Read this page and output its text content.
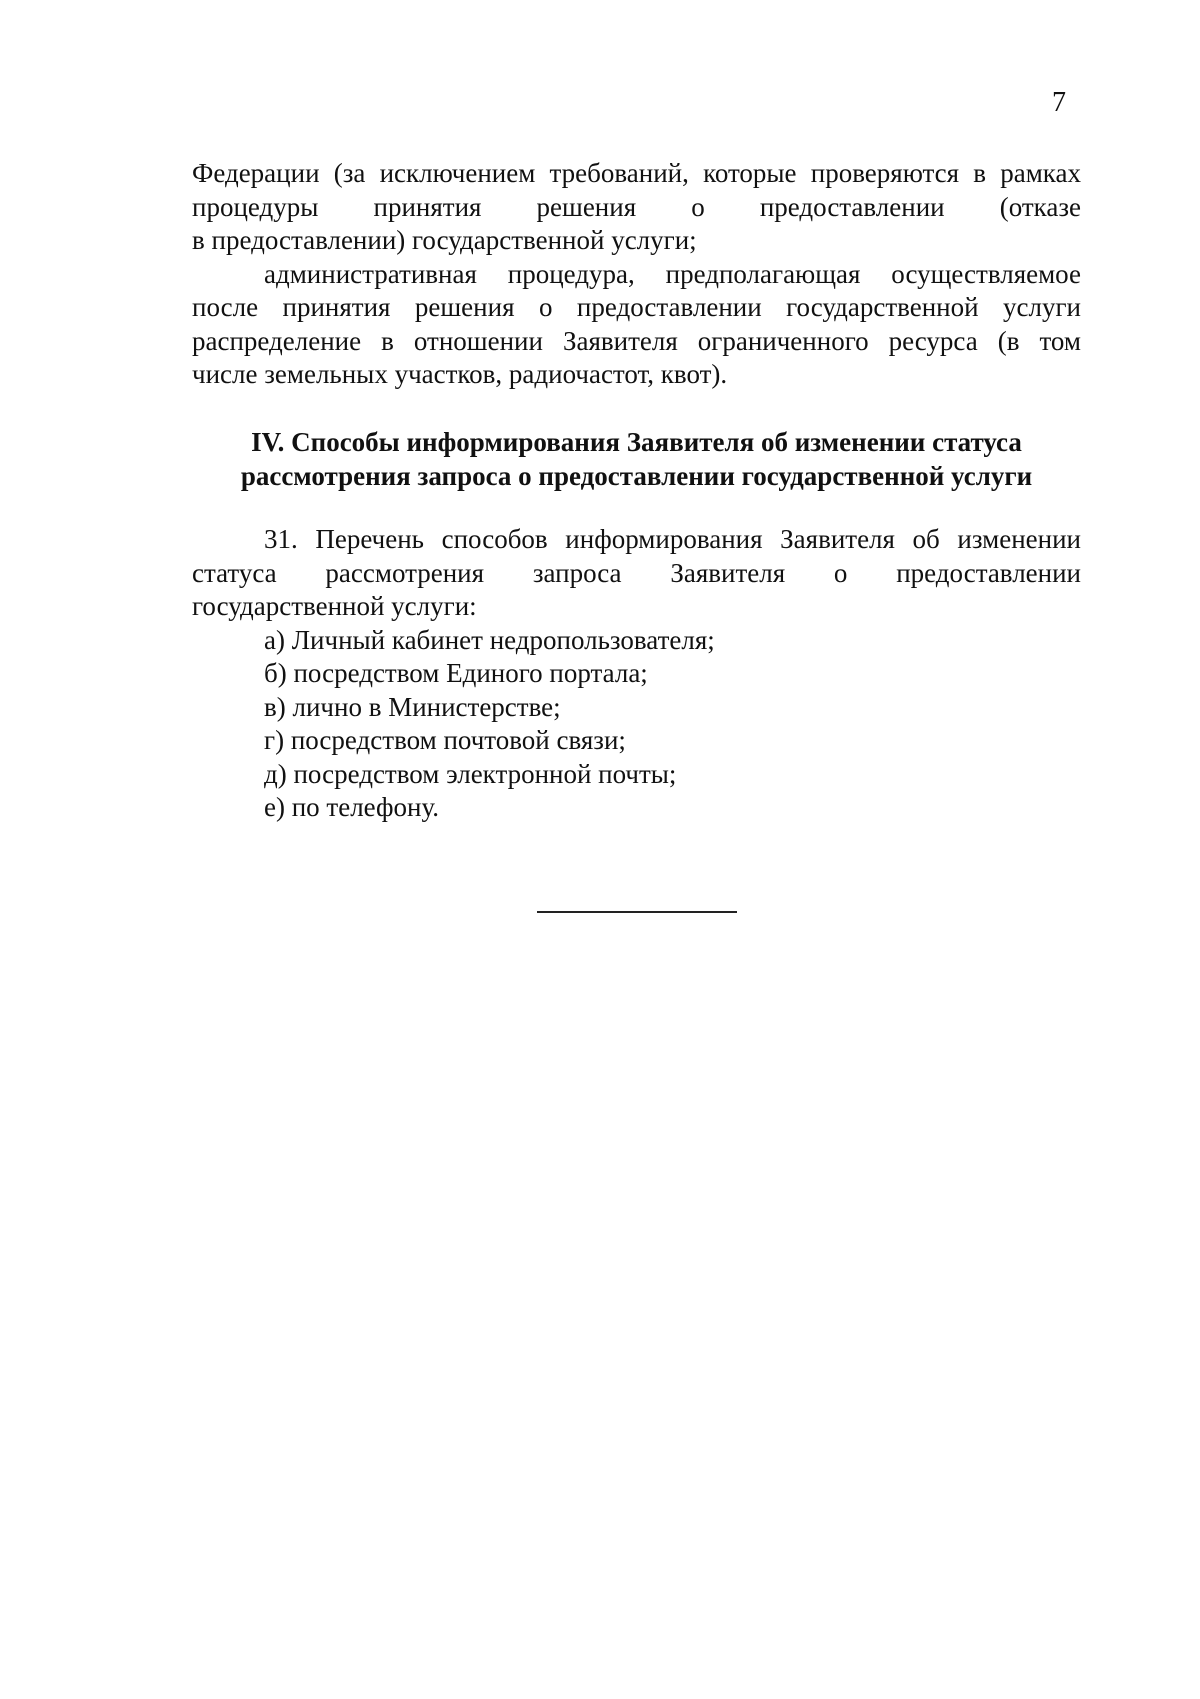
7

Федерации (за исключением требований, которые проверяются в рамках
процедуры принятия решения о предоставлении (отказе
в предоставлении) государственной услуги;

административная процедура, предполагающая осуществляемое
после принятия решения о предоставлении государственной услуги
распределение в отношении Заявителя ограниченного ресурса (в том
числе земельных участков, радиочастот, квот).

IV. Способы информирования Заявителя об изменении статуса
рассмотрения запроса о предоставлении государственной услуги

31. Перечень способов информирования Заявителя об изменении
статуса рассмотрения запроса Заявителя о предоставлении
государственной услуги:

а) Личный кабинет недропользователя;
б) посредством Единого портала;
в) лично в Министерстве;
г) посредством почтовой связи;
д) посредством электронной почты;
е) по телефону.
